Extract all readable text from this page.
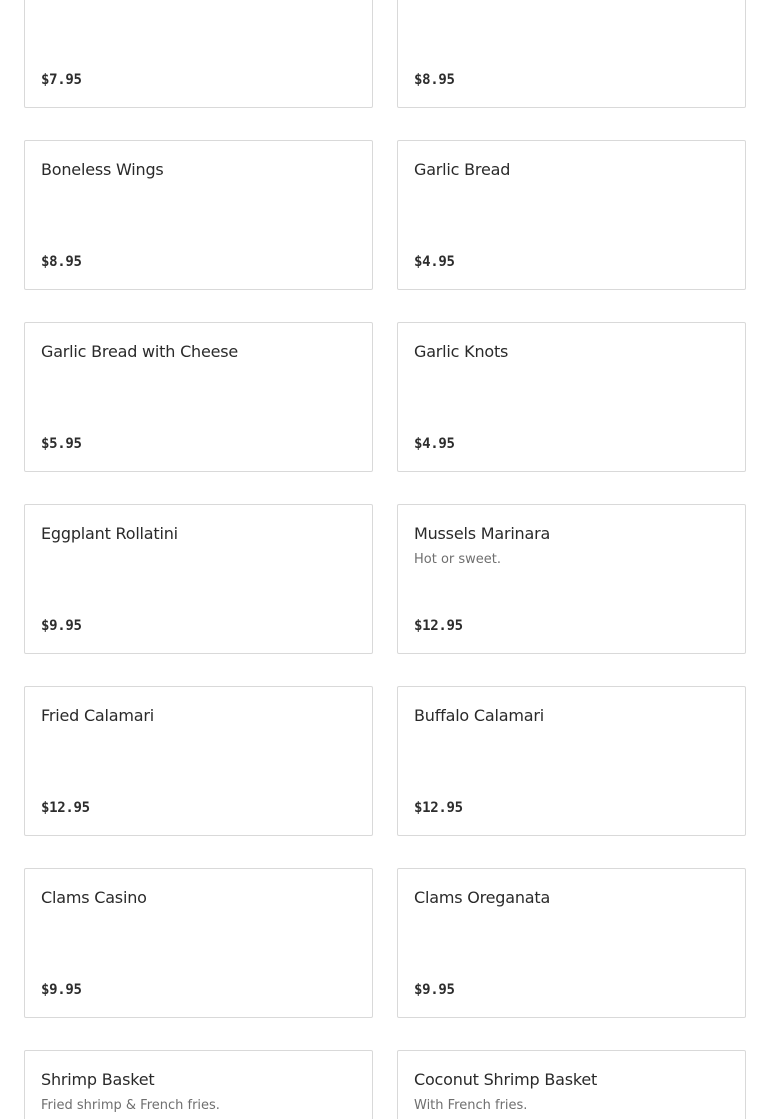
$7.95	$8.95
Boneless Wings
$8.95
Garlic Bread
$4.95
Garlic Bread with Cheese
$5.95
Garlic Knots
$4.95
Eggplant Rollatini
$9.95
Mussels Marinara
Hot or sweet.
$12.95
Fried Calamari
$12.95
Buffalo Calamari
$12.95
Clams Casino
$9.95
Clams Oreganata
$9.95
Shrimp Basket
Fried shrimp & French fries.
Coconut Shrimp Basket
With French fries.
